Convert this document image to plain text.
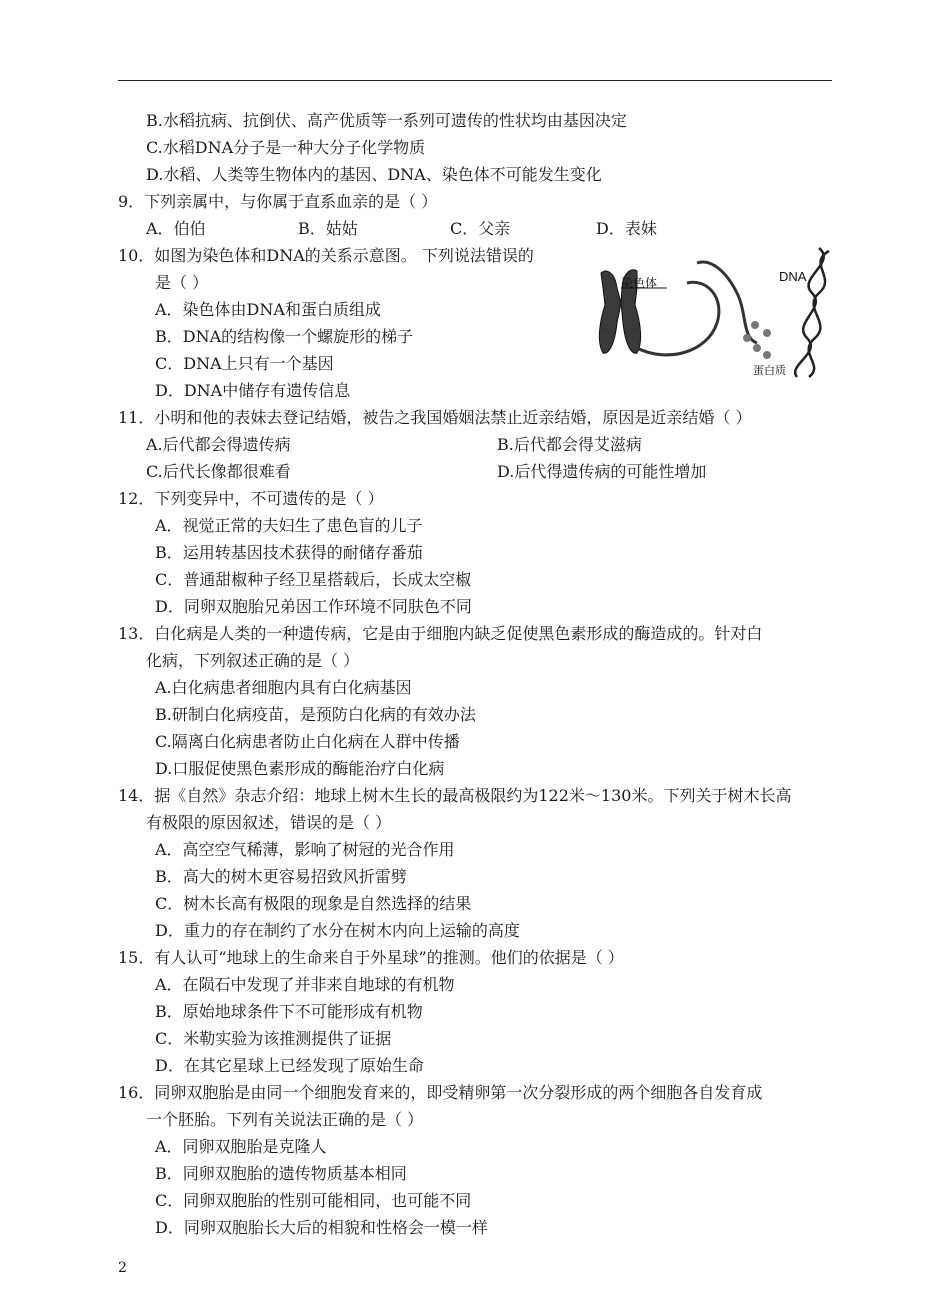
B.水稻抗病、抗倒伏、高产优质等一系列可遗传的性状均由基因决定
C.水稻DNA分子是一种大分子化学物质
D.水稻、人类等生物体内的基因、DNA、染色体不可能发生变化
9．下列亲属中，与你属于直系血亲的是（ ）
A．伯伯	B．姑姑	C．父亲	D．表妹
10．如图为染色体和DNA的关系示意图。 下列说法错误的
是（ ）
A．染色体由DNA和蛋白质组成
B．DNA的结构像一个螺旋形的梯子
C．DNA上只有一个基因
D．DNA中储存有遗传信息
染色体
蛋白质
DNA
11．小明和他的表妹去登记结婚，被告之我国婚姻法禁止近亲结婚，原因是近亲结婚（ ）
A.后代都会得遗传病	B.后代都会得艾滋病
C.后代长像都很难看	D.后代得遗传病的可能性增加
12．下列变异中，不可遗传的是（ ）
A．视觉正常的夫妇生了患色盲的儿子
B．运用转基因技术获得的耐储存番茄
C．普通甜椒种子经卫星搭载后，长成太空椒
D．同卵双胞胎兄弟因工作环境不同肤色不同
13．白化病是人类的一种遗传病，它是由于细胞内缺乏促使黑色素形成的酶造成的。针对白
化病，下列叙述正确的是（ ）
A.白化病患者细胞内具有白化病基因
B.研制白化病疫苗，是预防白化病的有效办法
C.隔离白化病患者防止白化病在人群中传播
D.口服促使黑色素形成的酶能治疗白化病
14．据《自然》杂志介绍：地球上树木生长的最高极限约为122米～130米。下列关于树木长高
有极限的原因叙述，错误的是（ ）
A．高空空气稀薄，影响了树冠的光合作用
B．高大的树木更容易招致风折雷劈
C．树木长高有极限的现象是自然选择的结果
D．重力的存在制约了水分在树木内向上运输的高度
15．有人认可“地球上的生命来自于外星球”的推测。他们的依据是（ ）
A．在陨石中发现了并非来自地球的有机物
B．原始地球条件下不可能形成有机物
C．米勒实验为该推测提供了证据
D．在其它星球上已经发现了原始生命
16．同卵双胞胎是由同一个细胞发育来的，即受精卵第一次分裂形成的两个细胞各自发育成
一个胚胎。下列有关说法正确的是（ ）
A．同卵双胞胎是克隆人
B．同卵双胞胎的遗传物质基本相同
C．同卵双胞胎的性别可能相同，也可能不同
D．同卵双胞胎长大后的相貌和性格会一模一样
2
